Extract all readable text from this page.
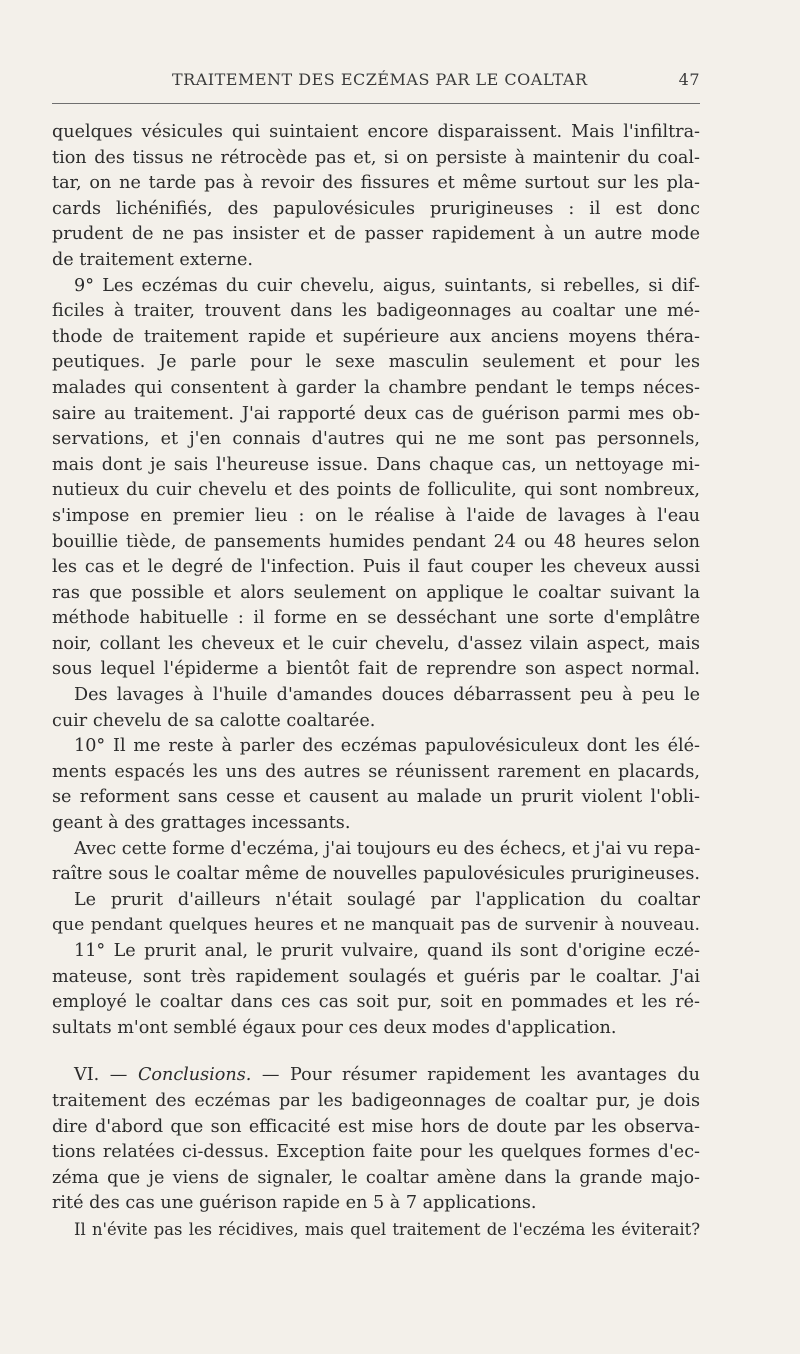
TRAITEMENT DES ECZÉMAS PAR LE COALTAR	47
quelques vésicules qui suintaient encore disparaissent. Mais l'infiltra-
tion des tissus ne rétrocède pas et, si on persiste à maintenir du coal-
tar, on ne tarde pas à revoir des fissures et même surtout sur les pla-
cards lichénifiés, des papulovésicules prurigineuses : il est donc
prudent de ne pas insister et de passer rapidement à un autre mode
de traitement externe.
9° Les eczémas du cuir chevelu, aigus, suintants, si rebelles, si dif-
ficiles à traiter, trouvent dans les badigeonnages au coaltar une mé-
thode de traitement rapide et supérieure aux anciens moyens théra-
peutiques. Je parle pour le sexe masculin seulement et pour les
malades qui consentent à garder la chambre pendant le temps néces-
saire au traitement. J'ai rapporté deux cas de guérison parmi mes ob-
servations, et j'en connais d'autres qui ne me sont pas personnels,
mais dont je sais l'heureuse issue. Dans chaque cas, un nettoyage mi-
nutieux du cuir chevelu et des points de folliculite, qui sont nombreux,
s'impose en premier lieu : on le réalise à l'aide de lavages à l'eau
bouillie tiède, de pansements humides pendant 24 ou 48 heures selon
les cas et le degré de l'infection. Puis il faut couper les cheveux aussi
ras que possible et alors seulement on applique le coaltar suivant la
méthode habituelle : il forme en se desséchant une sorte d'emplâtre
noir, collant les cheveux et le cuir chevelu, d'assez vilain aspect, mais
sous lequel l'épiderme a bientôt fait de reprendre son aspect normal.
Des lavages à l'huile d'amandes douces débarrassent peu à peu le
cuir chevelu de sa calotte coaltarée.
10° Il me reste à parler des eczémas papulovésiculeux dont les élé-
ments espacés les uns des autres se réunissent rarement en placards,
se reforment sans cesse et causent au malade un prurit violent l'obli-
geant à des grattages incessants.
Avec cette forme d'eczéma, j'ai toujours eu des échecs, et j'ai vu repa-
raître sous le coaltar même de nouvelles papulovésicules prurigineuses.
Le prurit d'ailleurs n'était soulagé par l'application du coaltar
que pendant quelques heures et ne manquait pas de survenir à nouveau.
11° Le prurit anal, le prurit vulvaire, quand ils sont d'origine eczé-
mateuse, sont très rapidement soulagés et guéris par le coaltar. J'ai
employé le coaltar dans ces cas soit pur, soit en pommades et les ré-
sultats m'ont semblé égaux pour ces deux modes d'application.
VI. — Conclusions. — Pour résumer rapidement les avantages du
traitement des eczémas par les badigeonnages de coaltar pur, je dois
dire d'abord que son efficacité est mise hors de doute par les observa-
tions relatées ci-dessus. Exception faite pour les quelques formes d'ec-
zéma que je viens de signaler, le coaltar amène dans la grande majo-
rité des cas une guérison rapide en 5 à 7 applications.
Il n'évite pas les récidives, mais quel traitement de l'eczéma les éviterait?
